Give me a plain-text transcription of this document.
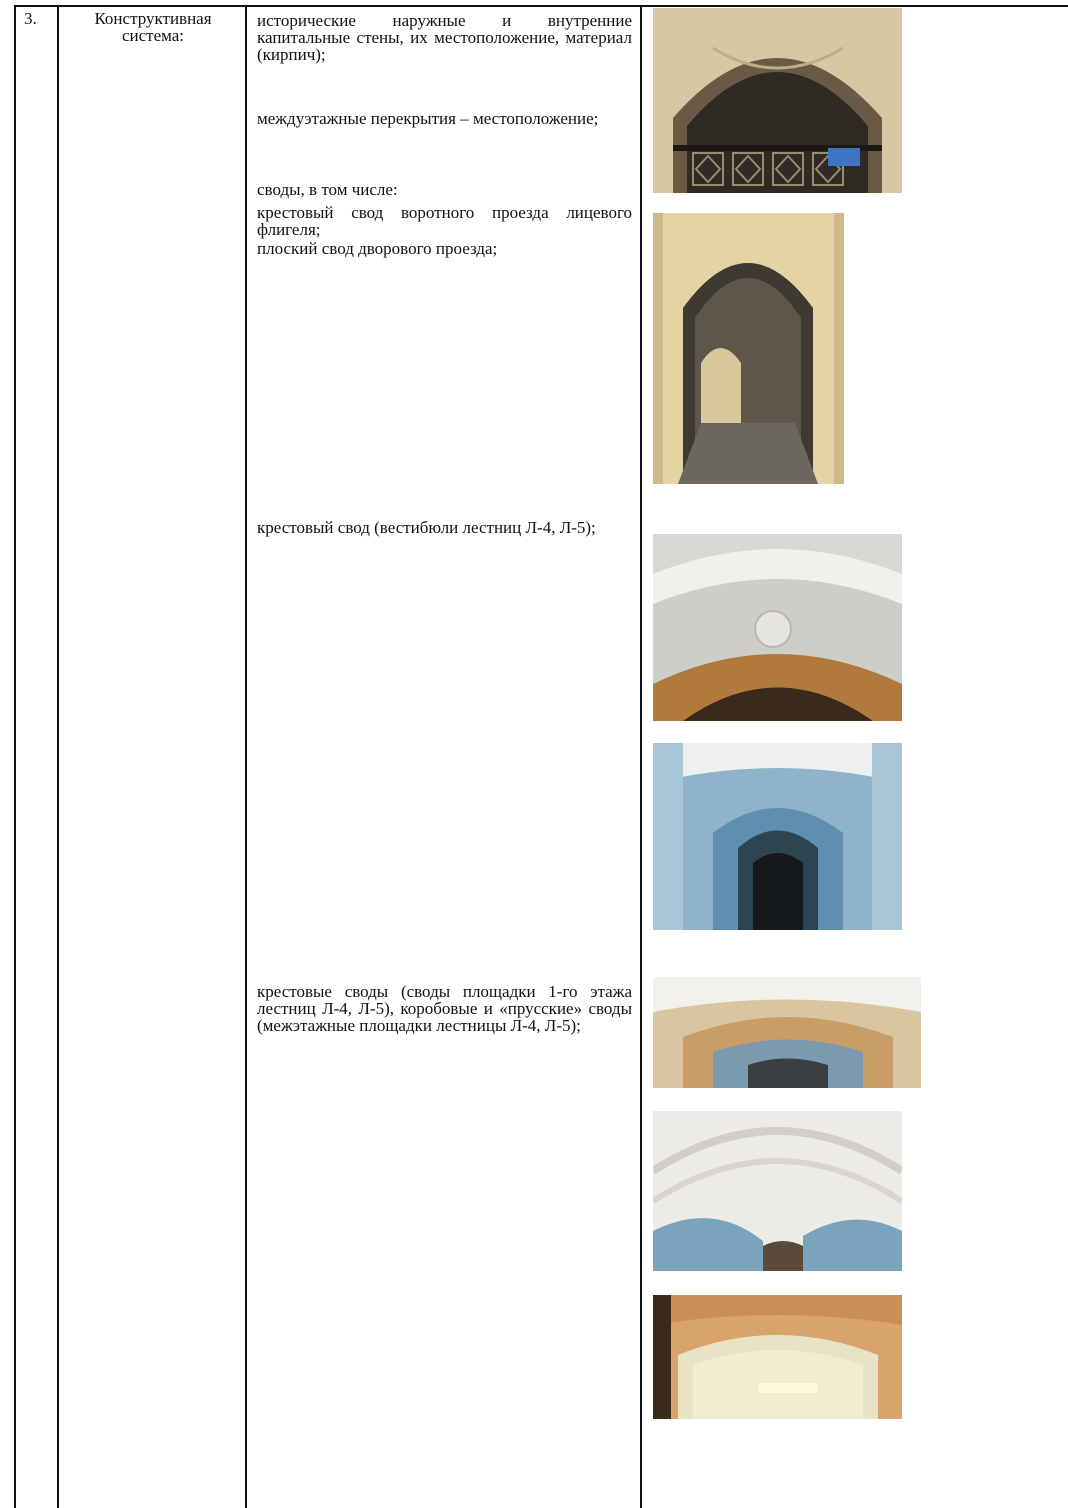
3.	Конструктивная
система:

исторические наружные и внутренние капитальные стены, их местоположение, материал (кирпич);

междуэтажные перекрытия – местоположение;

своды, в том числе:

крестовый свод воротного проезда лицевого флигеля;

плоский свод дворового проезда;

крестовый свод (вестибюли лестниц Л-4, Л-5);

крестовые своды (своды площадки 1-го этажа лестниц Л-4, Л-5), коробовые и «прусские» своды (межэтажные площадки лестницы Л-4, Л-5);
